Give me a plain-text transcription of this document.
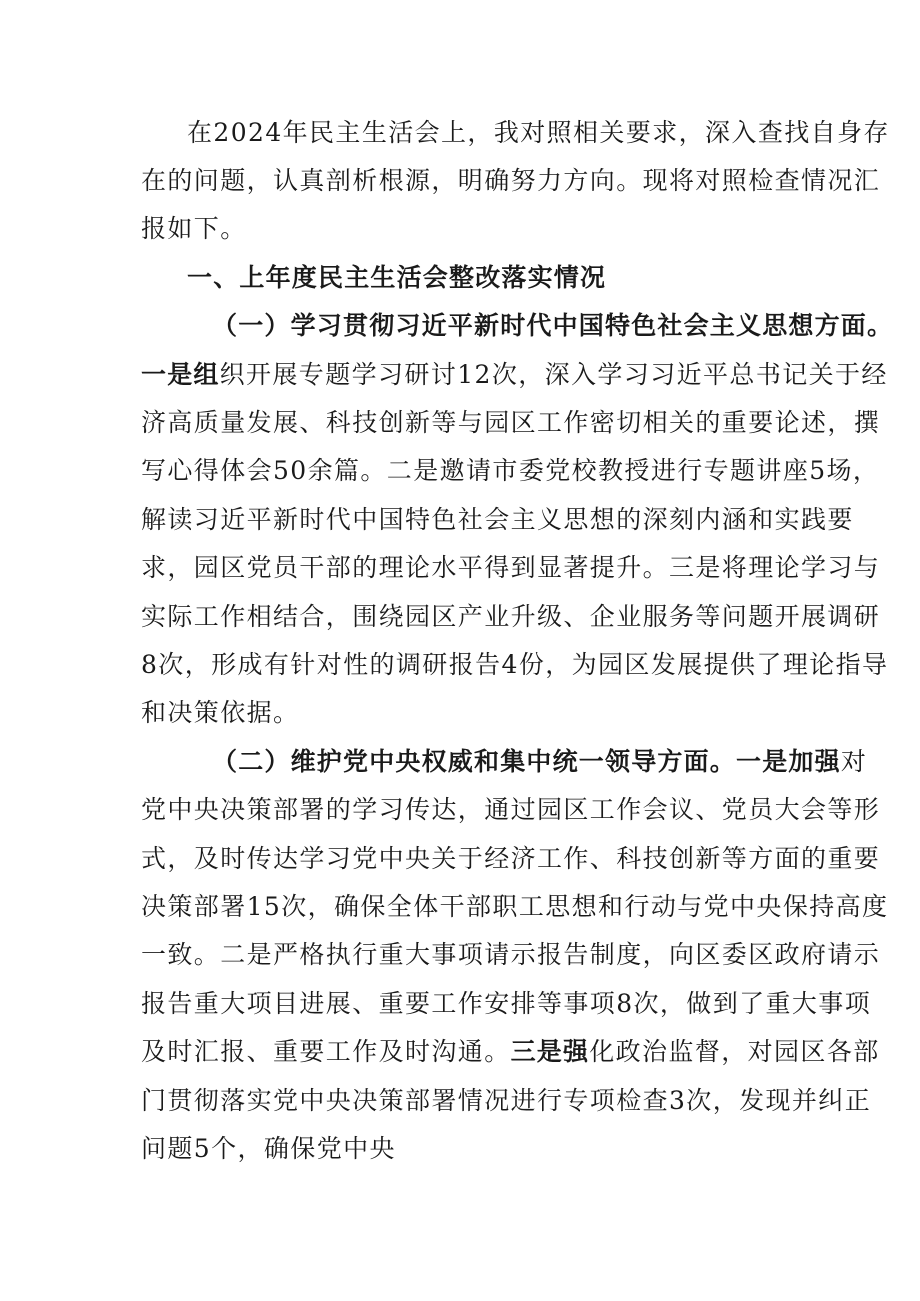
在2024年民主生活会上，我对照相关要求，深入查找自身存
在的问题，认真剖析根源，明确努力方向。现将对照检查情况汇
报如下。
一、上年度民主生活会整改落实情况
（一）学习贯彻习近平新时代中国特色社会主义思想方面。
一是组织开展专题学习研讨12次，深入学习习近平总书记关于经
济高质量发展、科技创新等与园区工作密切相关的重要论述，撰
写心得体会50余篇。二是邀请市委党校教授进行专题讲座5场，
解读习近平新时代中国特色社会主义思想的深刻内涵和实践要
求，园区党员干部的理论水平得到显著提升。三是将理论学习与
实际工作相结合，围绕园区产业升级、企业服务等问题开展调研
8次，形成有针对性的调研报告4份，为园区发展提供了理论指导
和决策依据。
（二）维护党中央权威和集中统一领导方面。一是加强对
党中央决策部署的学习传达，通过园区工作会议、党员大会等形
式，及时传达学习党中央关于经济工作、科技创新等方面的重要
决策部署15次，确保全体干部职工思想和行动与党中央保持高度
一致。二是严格执行重大事项请示报告制度，向区委区政府请示
报告重大项目进展、重要工作安排等事项8次，做到了重大事项
及时汇报、重要工作及时沟通。三是强化政治监督，对园区各部
门贯彻落实党中央决策部署情况进行专项检查3次，发现并纠正
问题5个，确保党中央
